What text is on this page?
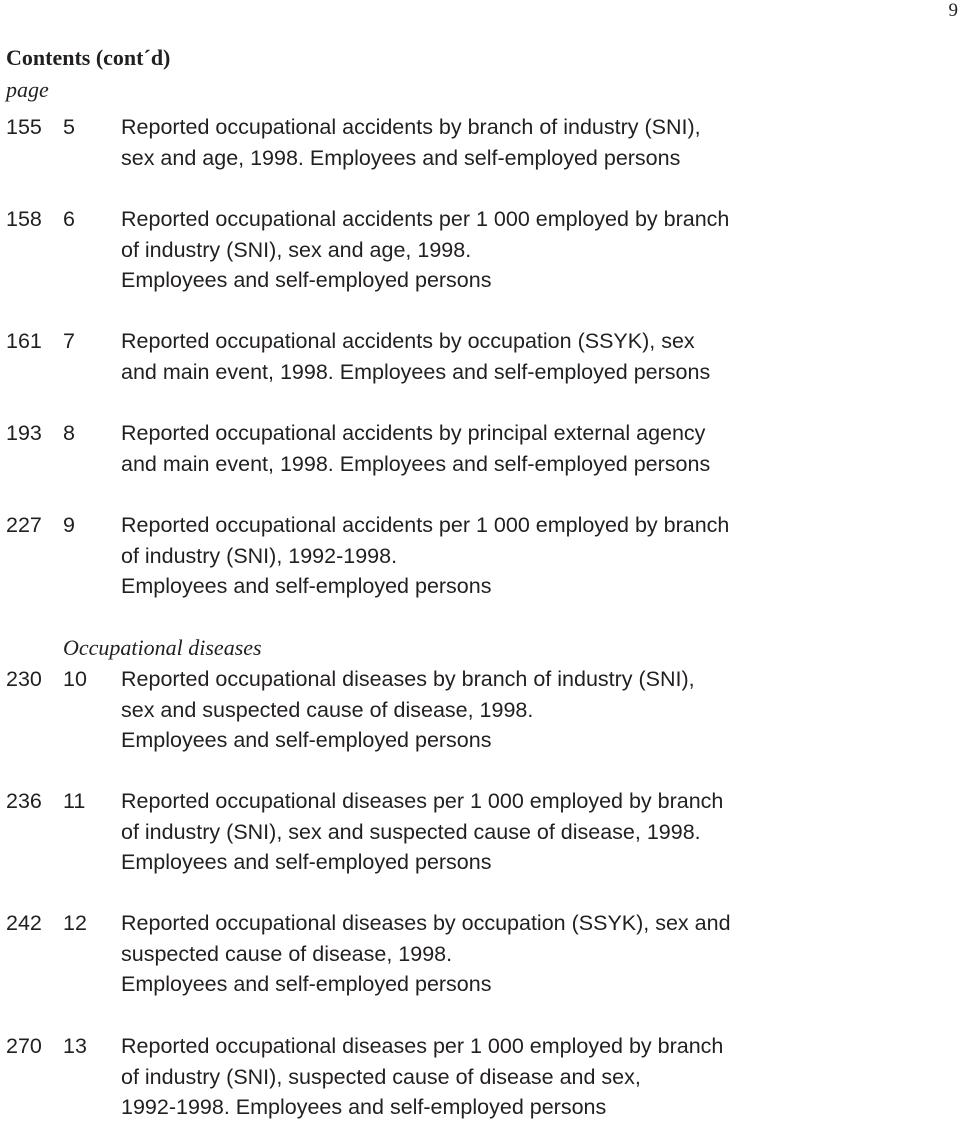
9
Contents (cont´d)
page
Occupational diseases
155 5 Reported occupational accidents by branch of industry (SNI),
sex and age, 1998. Employees and self-employed persons
158 6 Reported occupational accidents per 1 000 employed by branch
of industry (SNI), sex and age, 1998.
Employees and self-employed persons
161 7 Reported occupational accidents by occupation (SSYK), sex
and main event, 1998. Employees and self-employed persons
193 8 Reported occupational accidents by principal external agency
and main event, 1998. Employees and self-employed persons
227 9 Reported occupational accidents per 1 000 employed by branch
of industry (SNI), 1992-1998.
Employees and self-employed persons
230 10 Reported occupational diseases by branch of industry (SNI),
sex and suspected cause of disease, 1998.
Employees and self-employed persons
236 11 Reported occupational diseases per 1 000 employed by branch
of industry (SNI), sex and suspected cause of disease, 1998.
Employees and self-employed persons
242 12 Reported occupational diseases by occupation (SSYK), sex and
suspected cause of disease, 1998.
Employees and self-employed persons
270 13 Reported occupational diseases per 1 000 employed by branch
of industry (SNI), suspected cause of disease and sex,
1992-1998. Employees and self-employed persons
